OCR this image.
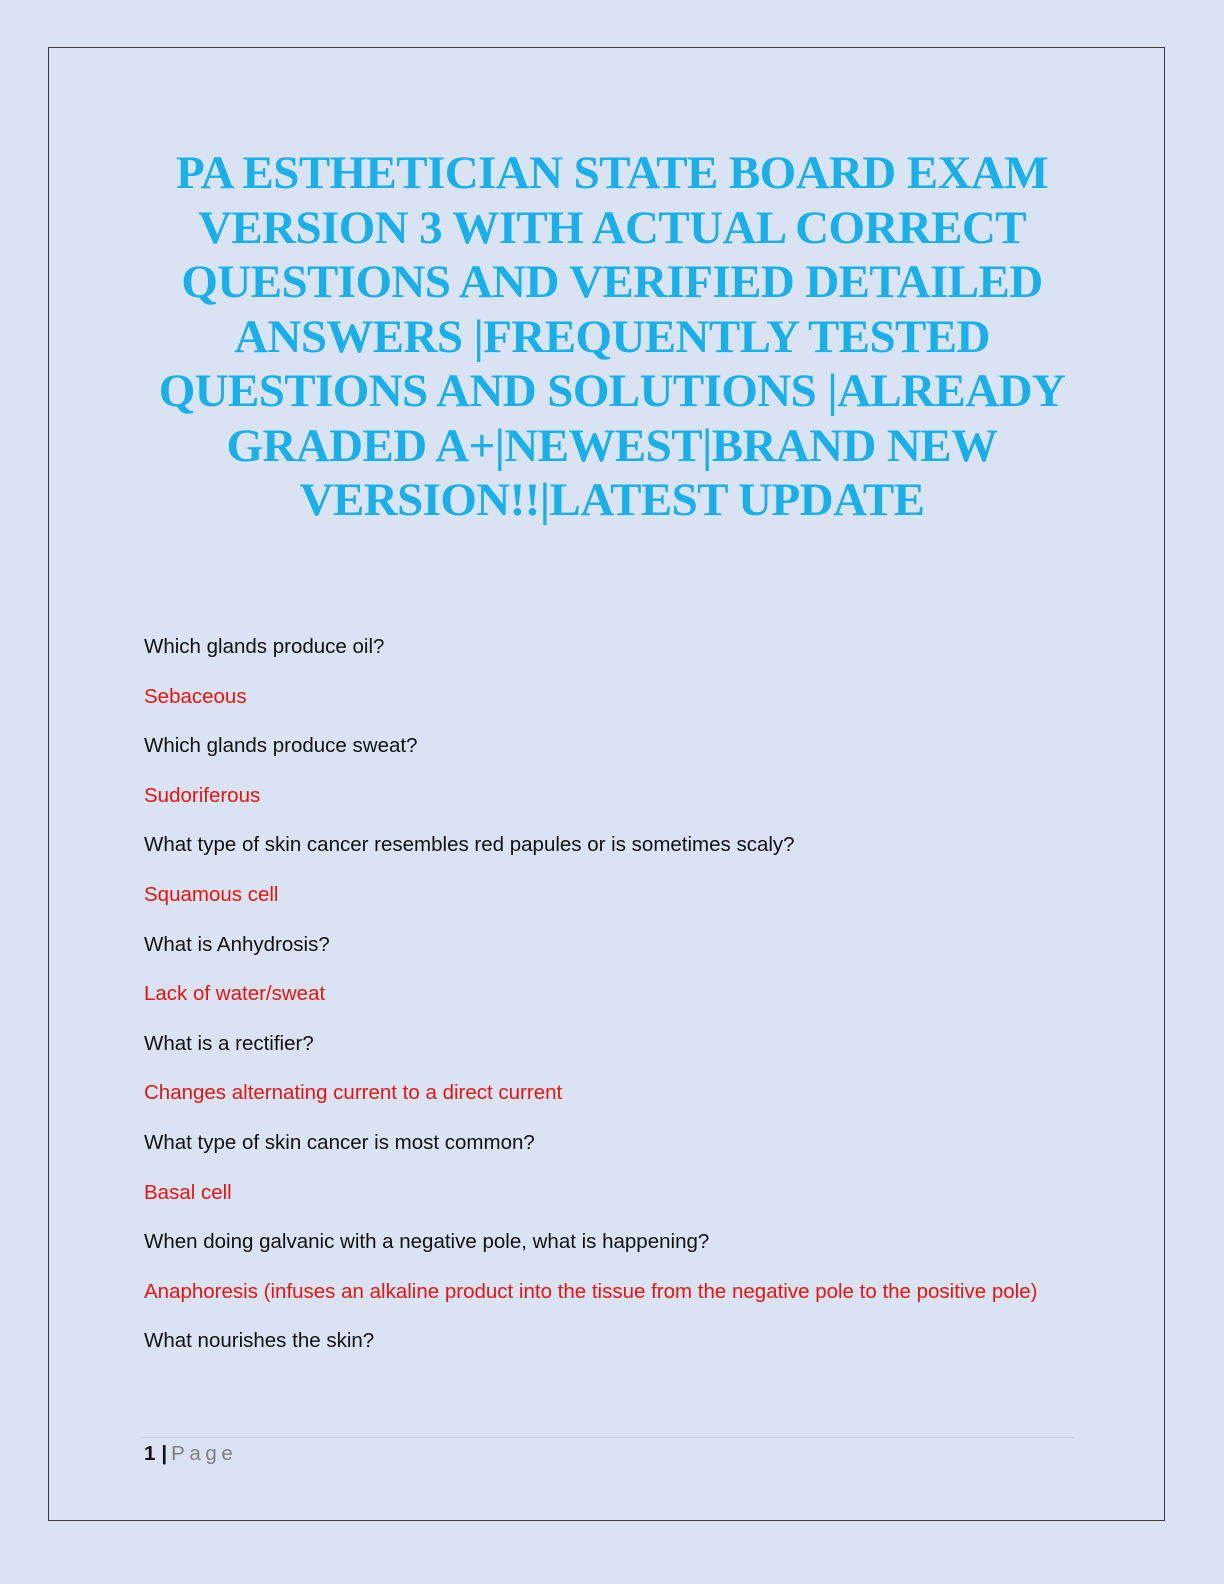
PA ESTHETICIAN STATE BOARD EXAM VERSION 3 WITH ACTUAL CORRECT QUESTIONS AND VERIFIED DETAILED ANSWERS |FREQUENTLY TESTED QUESTIONS AND SOLUTIONS |ALREADY GRADED A+|NEWEST|BRAND NEW VERSION!!|LATEST UPDATE

Which glands produce oil?

Sebaceous

Which glands produce sweat?

Sudoriferous

What type of skin cancer resembles red papules or is sometimes scaly?

Squamous cell

What is Anhydrosis?

Lack of water/sweat

What is a rectifier?

Changes alternating current to a direct current

What type of skin cancer is most common?

Basal cell

When doing galvanic with a negative pole, what is happening?

Anaphoresis (infuses an alkaline product into the tissue from the negative pole to the positive pole)

What nourishes the skin?

1 | Page
